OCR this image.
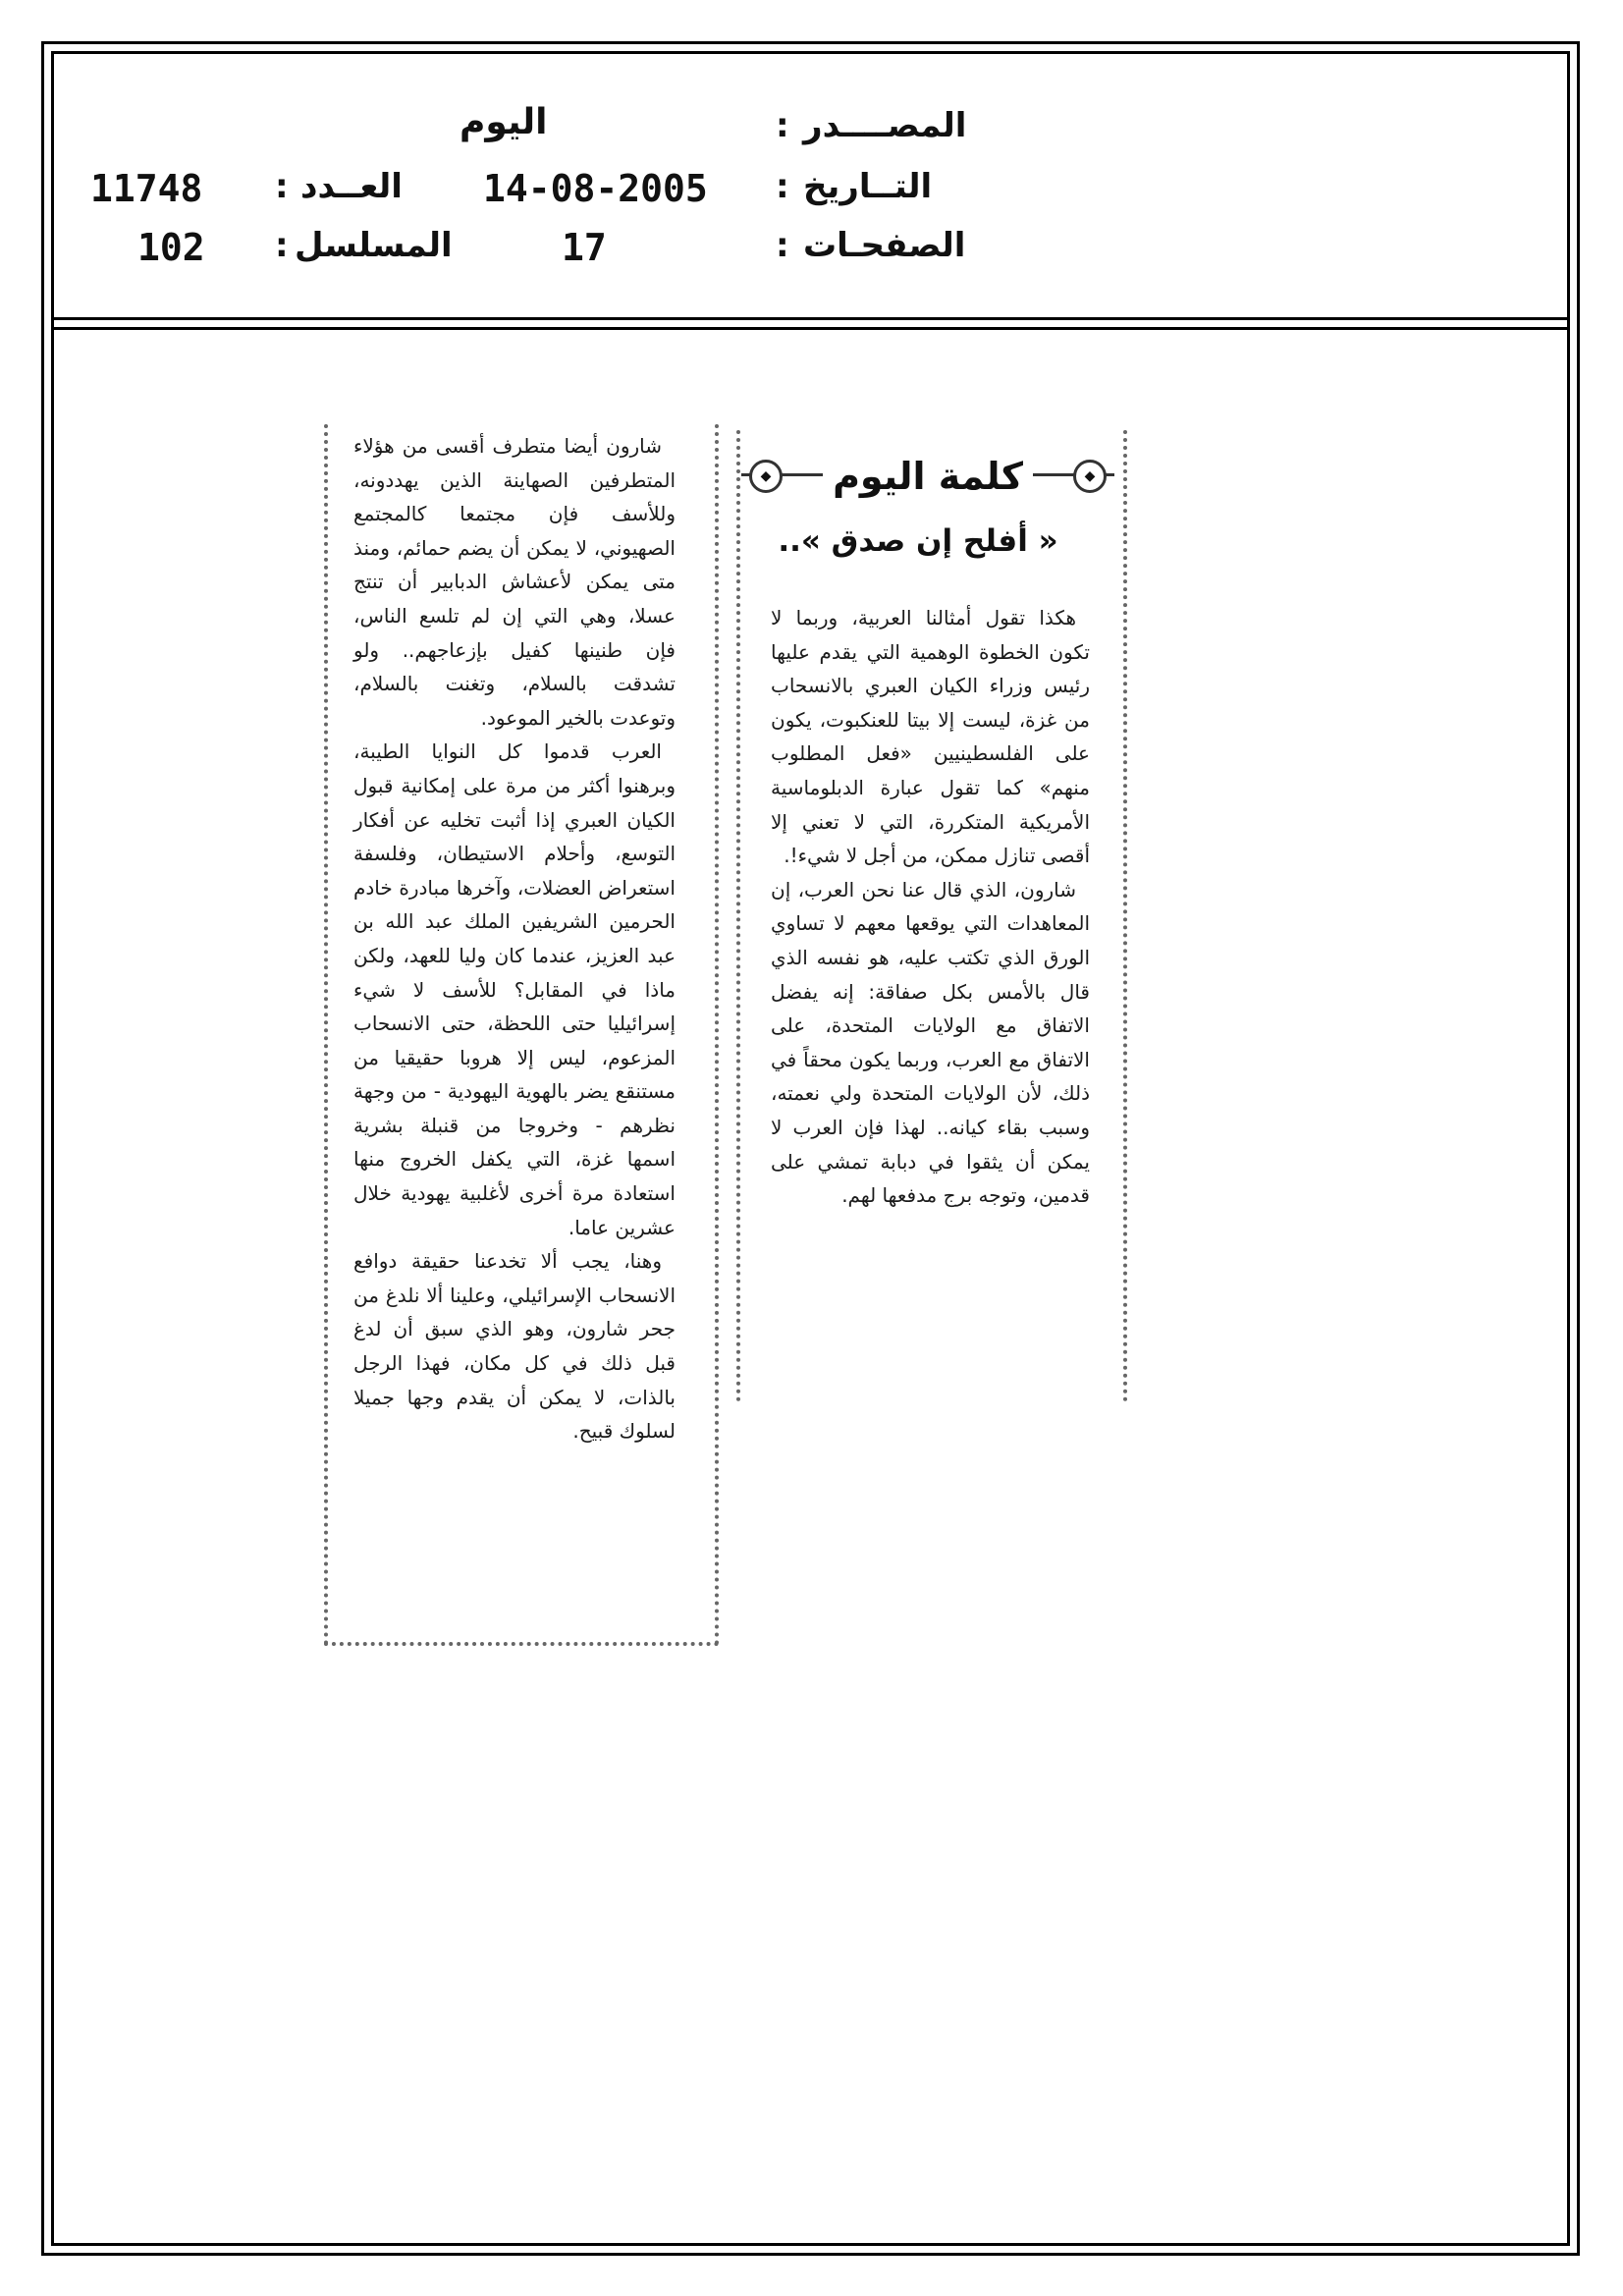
المصــــدر
:
اليوم
التــاريخ
:
14-08-2005
العــدد
:
11748
الصفحـات
:
17
المسلسل
:
102
◆
◆	كلمة اليوم
« أفلح إن صدق »..

هكذا تقول أمثالنا العربية، وربما لا تكون الخطوة الوهمية التي يقدم عليها رئيس وزراء الكيان العبري بالانسحاب من غزة، ليست إلا بيتا للعنكبوت، يكون على الفلسطينيين «فعل المطلوب منهم» كما تقول عبارة الدبلوماسية الأمريكية المتكررة، التي لا تعني إلا أقصى تنازل ممكن، من أجل لا شيء!.

شارون، الذي قال عنا نحن العرب، إن المعاهدات التي يوقعها معهم لا تساوي الورق الذي تكتب عليه، هو نفسه الذي قال بالأمس بكل صفاقة: إنه يفضل الاتفاق مع الولايات المتحدة، على الاتفاق مع العرب، وربما يكون محقاً في ذلك، لأن الولايات المتحدة ولي نعمته، وسبب بقاء كيانه.. لهذا فإن العرب لا يمكن أن يثقوا في دبابة تمشي على قدمين، وتوجه برج مدفعها لهم.

شارون أيضا متطرف أقسى من هؤلاء المتطرفين الصهاينة الذين يهددونه، وللأسف فإن مجتمعا كالمجتمع الصهيوني، لا يمكن أن يضم حمائم، ومنذ متى يمكن لأعشاش الدبابير أن تنتج عسلا، وهي التي إن لم تلسع الناس، فإن طنينها كفيل بإزعاجهم.. ولو تشدقت بالسلام، وتغنت بالسلام، وتوعدت بالخير الموعود.

العرب قدموا كل النوايا الطيبة، وبرهنوا أكثر من مرة على إمكانية قبول الكيان العبري إذا أثبت تخليه عن أفكار التوسع، وأحلام الاستيطان، وفلسفة استعراض العضلات، وآخرها مبادرة خادم الحرمين الشريفين الملك عبد الله بن عبد العزيز، عندما كان وليا للعهد، ولكن ماذا في المقابل؟ للأسف لا شيء إسرائيليا حتى اللحظة، حتى الانسحاب المزعوم، ليس إلا هروبا حقيقيا من مستنقع يضر بالهوية اليهودية - من وجهة نظرهم - وخروجا من قنبلة بشرية اسمها غزة، التي يكفل الخروج منها استعادة مرة أخرى لأغلبية يهودية خلال عشرين عاما.

وهنا، يجب ألا تخدعنا حقيقة دوافع الانسحاب الإسرائيلي، وعلينا ألا نلدغ من جحر شارون، وهو الذي سبق أن لدغ قبل ذلك في كل مكان، فهذا الرجل بالذات، لا يمكن أن يقدم وجها جميلا لسلوك قبيح.
